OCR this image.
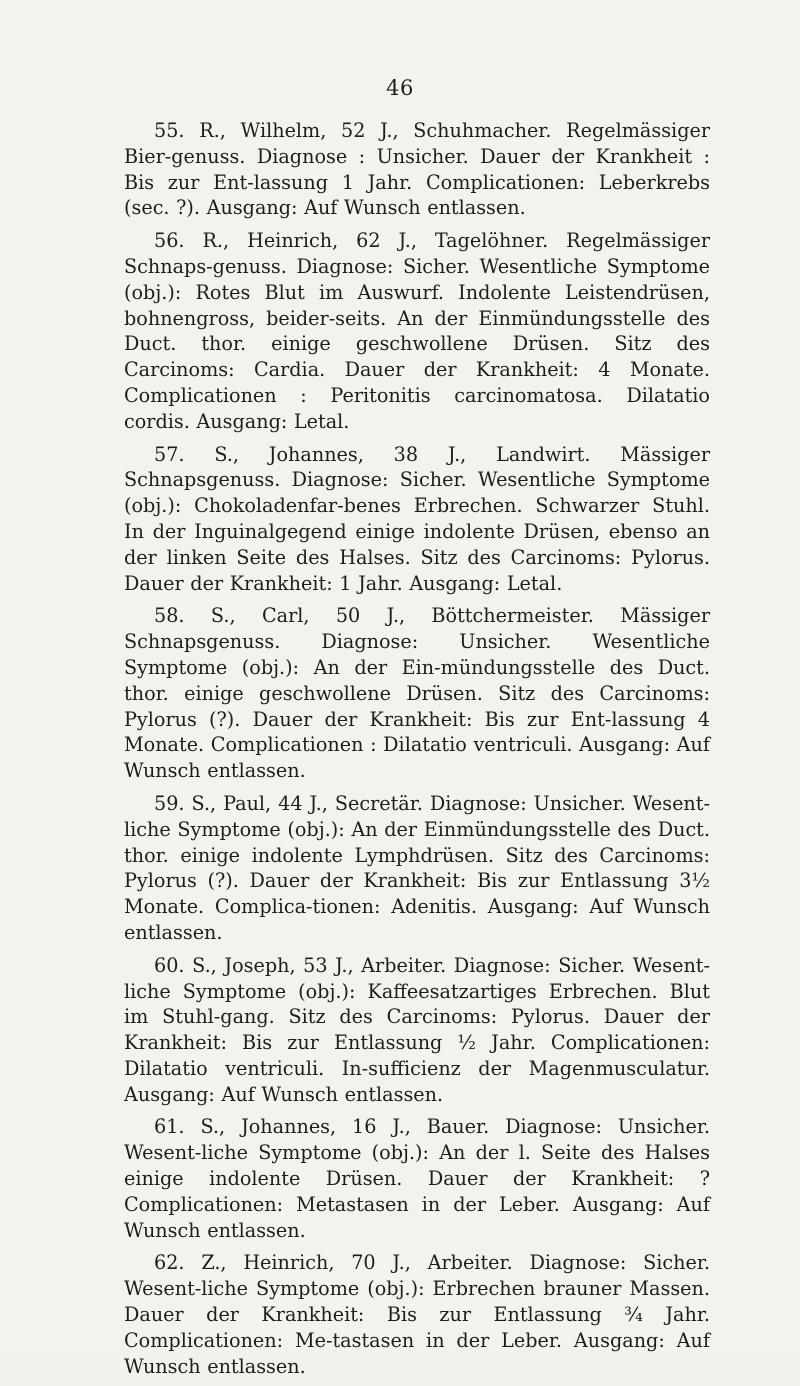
46

55. R., Wilhelm, 52 J., Schuhmacher. Regelmässiger Bier-genuss. Diagnose : Unsicher. Dauer der Krankheit : Bis zur Ent-lassung 1 Jahr. Complicationen: Leberkrebs (sec. ?). Ausgang: Auf Wunsch entlassen.

56. R., Heinrich, 62 J., Tagelöhner. Regelmässiger Schnaps-genuss. Diagnose: Sicher. Wesentliche Symptome (obj.): Rotes Blut im Auswurf. Indolente Leistendrüsen, bohnengross, beider-seits. An der Einmündungsstelle des Duct. thor. einige geschwollene Drüsen. Sitz des Carcinoms: Cardia. Dauer der Krankheit: 4 Monate. Complicationen : Peritonitis carcinomatosa. Dilatatio cordis. Ausgang: Letal.

57. S., Johannes, 38 J., Landwirt. Mässiger Schnapsgenuss. Diagnose: Sicher. Wesentliche Symptome (obj.): Chokoladenfar-benes Erbrechen. Schwarzer Stuhl. In der Inguinalgegend einige indolente Drüsen, ebenso an der linken Seite des Halses. Sitz des Carcinoms: Pylorus. Dauer der Krankheit: 1 Jahr. Ausgang: Letal.

58. S., Carl, 50 J., Böttchermeister. Mässiger Schnapsgenuss. Diagnose: Unsicher. Wesentliche Symptome (obj.): An der Ein-mündungsstelle des Duct. thor. einige geschwollene Drüsen. Sitz des Carcinoms: Pylorus (?). Dauer der Krankheit: Bis zur Ent-lassung 4 Monate. Complicationen : Dilatatio ventriculi. Ausgang: Auf Wunsch entlassen.

59. S., Paul, 44 J., Secretär. Diagnose: Unsicher. Wesent-liche Symptome (obj.): An der Einmündungsstelle des Duct. thor. einige indolente Lymphdrüsen. Sitz des Carcinoms: Pylorus (?). Dauer der Krankheit: Bis zur Entlassung 3½ Monate. Complica-tionen: Adenitis. Ausgang: Auf Wunsch entlassen.

60. S., Joseph, 53 J., Arbeiter. Diagnose: Sicher. Wesent-liche Symptome (obj.): Kaffeesatzartiges Erbrechen. Blut im Stuhl-gang. Sitz des Carcinoms: Pylorus. Dauer der Krankheit: Bis zur Entlassung ½ Jahr. Complicationen: Dilatatio ventriculi. In-sufficienz der Magenmusculatur. Ausgang: Auf Wunsch entlassen.

61. S., Johannes, 16 J., Bauer. Diagnose: Unsicher. Wesent-liche Symptome (obj.): An der l. Seite des Halses einige indolente Drüsen. Dauer der Krankheit: ? Complicationen: Metastasen in der Leber. Ausgang: Auf Wunsch entlassen.

62. Z., Heinrich, 70 J., Arbeiter. Diagnose: Sicher. Wesent-liche Symptome (obj.): Erbrechen brauner Massen. Dauer der Krankheit: Bis zur Entlassung ¾ Jahr. Complicationen: Me-tastasen in der Leber. Ausgang: Auf Wunsch entlassen.
